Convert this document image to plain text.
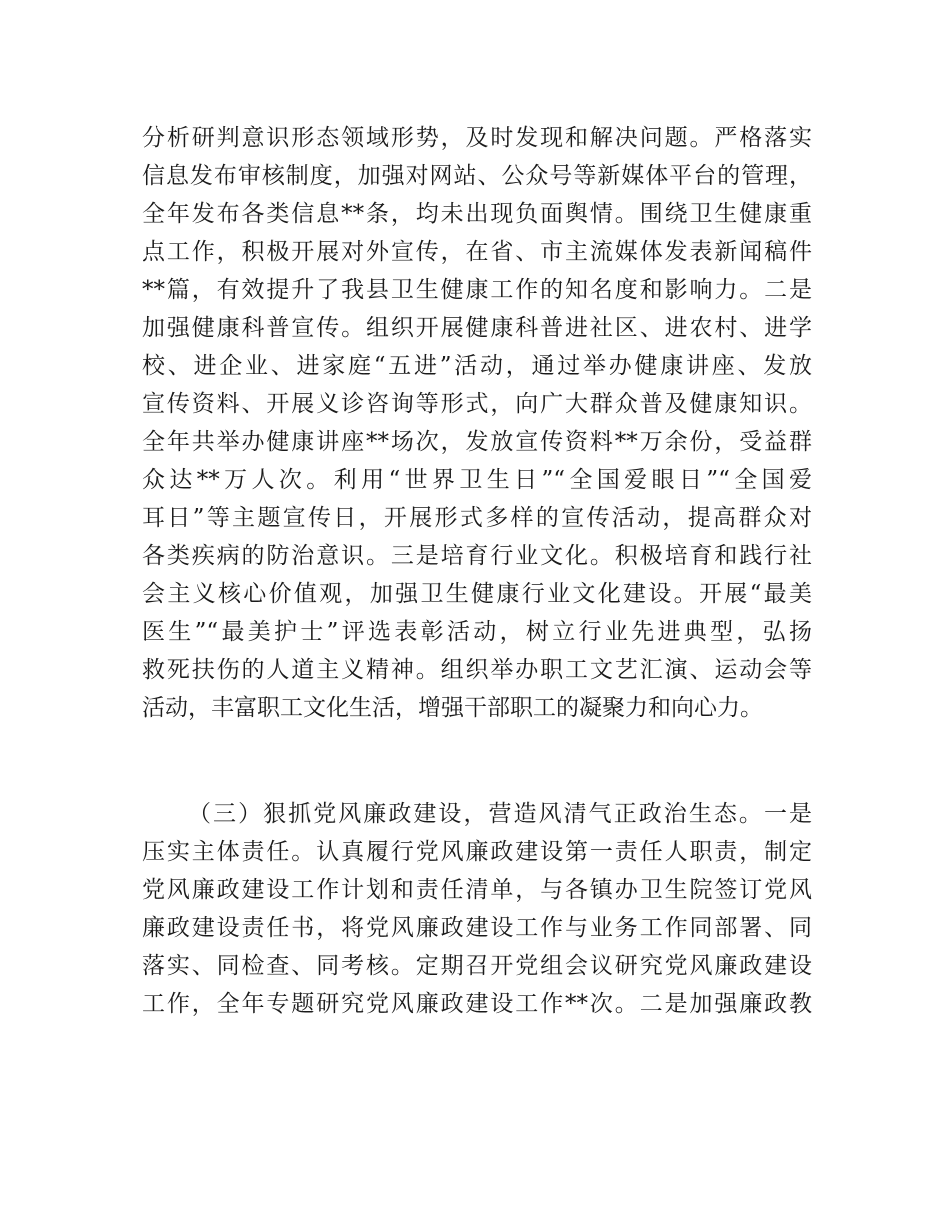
分析研判意识形态领域形势，及时发现和解决问题。严格落实
信息发布审核制度，加强对网站、公众号等新媒体平台的管理，
全年发布各类信息**条，均未出现负面舆情。围绕卫生健康重
点工作，积极开展对外宣传，在省、市主流媒体发表新闻稿件
**篇，有效提升了我县卫生健康工作的知名度和影响力。二是
加强健康科普宣传。组织开展健康科普进社区、进农村、进学
校、进企业、进家庭“五进”活动，通过举办健康讲座、发放
宣传资料、开展义诊咨询等形式，向广大群众普及健康知识。
全年共举办健康讲座**场次，发放宣传资料**万余份，受益群
众达**万人次。利用“世界卫生日”“全国爱眼日”“全国爱
耳日”等主题宣传日，开展形式多样的宣传活动，提高群众对
各类疾病的防治意识。三是培育行业文化。积极培育和践行社
会主义核心价值观，加强卫生健康行业文化建设。开展“最美
医生”“最美护士”评选表彰活动，树立行业先进典型，弘扬
救死扶伤的人道主义精神。组织举办职工文艺汇演、运动会等
活动，丰富职工文化生活，增强干部职工的凝聚力和向心力。

（三）狠抓党风廉政建设，营造风清气正政治生态。一是
压实主体责任。认真履行党风廉政建设第一责任人职责，制定
党风廉政建设工作计划和责任清单，与各镇办卫生院签订党风
廉政建设责任书，将党风廉政建设工作与业务工作同部署、同
落实、同检查、同考核。定期召开党组会议研究党风廉政建设
工作，全年专题研究党风廉政建设工作**次。二是加强廉政教
